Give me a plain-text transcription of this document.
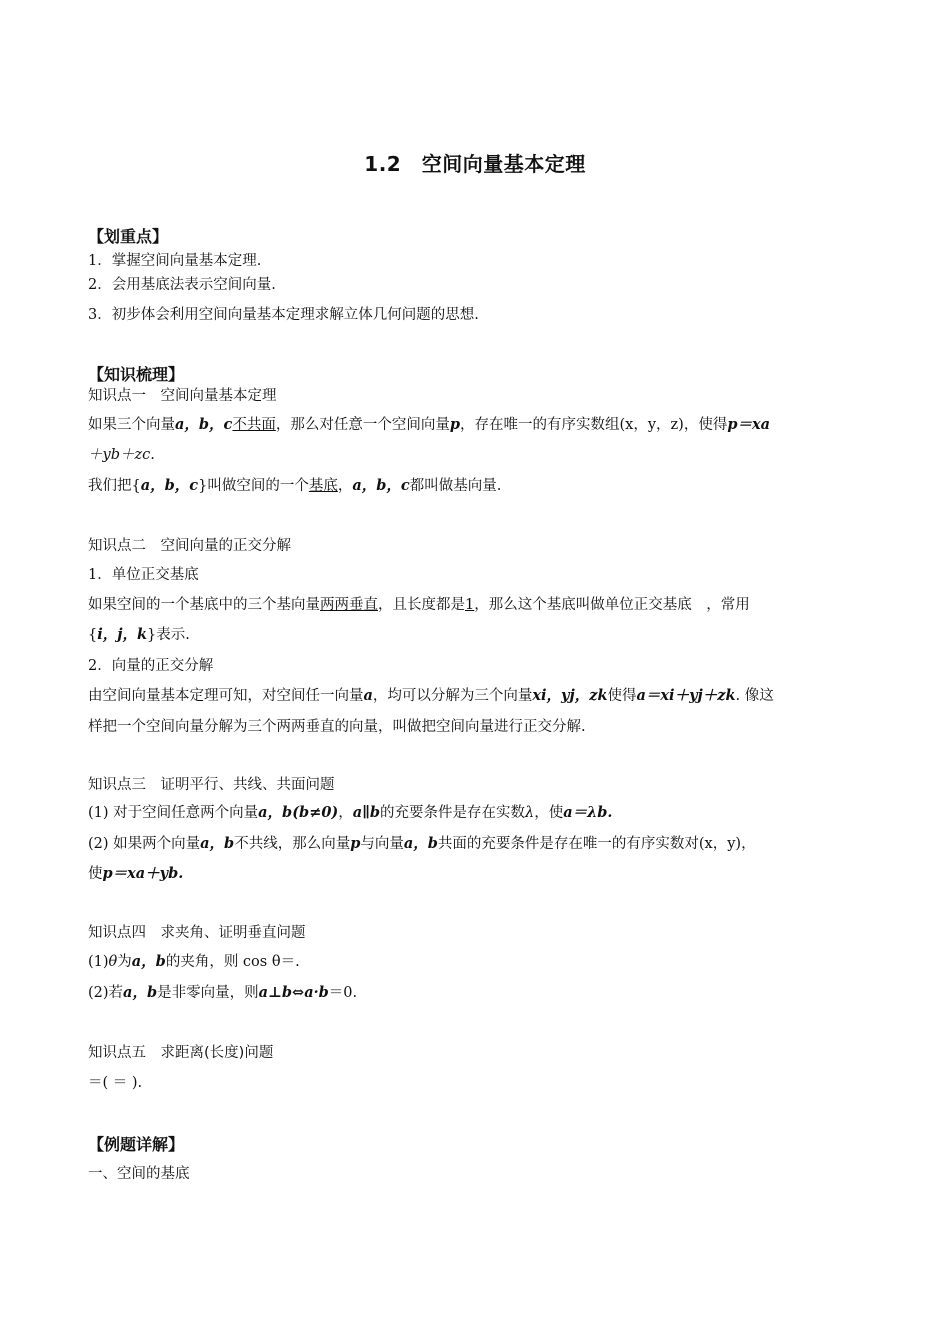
1.2　空间向量基本定理
【划重点】
1．掌握空间向量基本定理.
2．会用基底法表示空间向量.
3．初步体会利用空间向量基本定理求解立体几何问题的思想.
【知识梳理】
知识点一　空间向量基本定理
如果三个向量a，b，c不共面，那么对任意一个空间向量p，存在唯一的有序实数组(x，y，z)，使得p＝xa
＋yb＋zc.
我们把{a，b，c}叫做空间的一个基底，a，b，c都叫做基向量.
知识点二　空间向量的正交分解
1．单位正交基底
如果空间的一个基底中的三个基向量两两垂直，且长度都是1，那么这个基底叫做单位正交基底　，常用
{i，j，k}表示.
2．向量的正交分解
由空间向量基本定理可知，对空间任一向量a，均可以分解为三个向量xi，yj，zk使得a＝xi＋yj＋zk. 像这
样把一个空间向量分解为三个两两垂直的向量，叫做把空间向量进行正交分解.
知识点三　证明平行、共线、共面问题
(1) 对于空间任意两个向量a，b(b≠0)，a∥b的充要条件是存在实数λ，使a＝λb.
(2) 如果两个向量a，b不共线，那么向量p与向量a，b共面的充要条件是存在唯一的有序实数对(x，y)，
使p＝xa＋yb.
知识点四　求夹角、证明垂直问题
(1)θ为a，b的夹角，则 cos θ＝.
(2)若a，b是非零向量，则a⊥b⇔a·b＝0.
知识点五　求距离(长度)问题
＝( ＝ ).
【例题详解】
一、空间的基底
